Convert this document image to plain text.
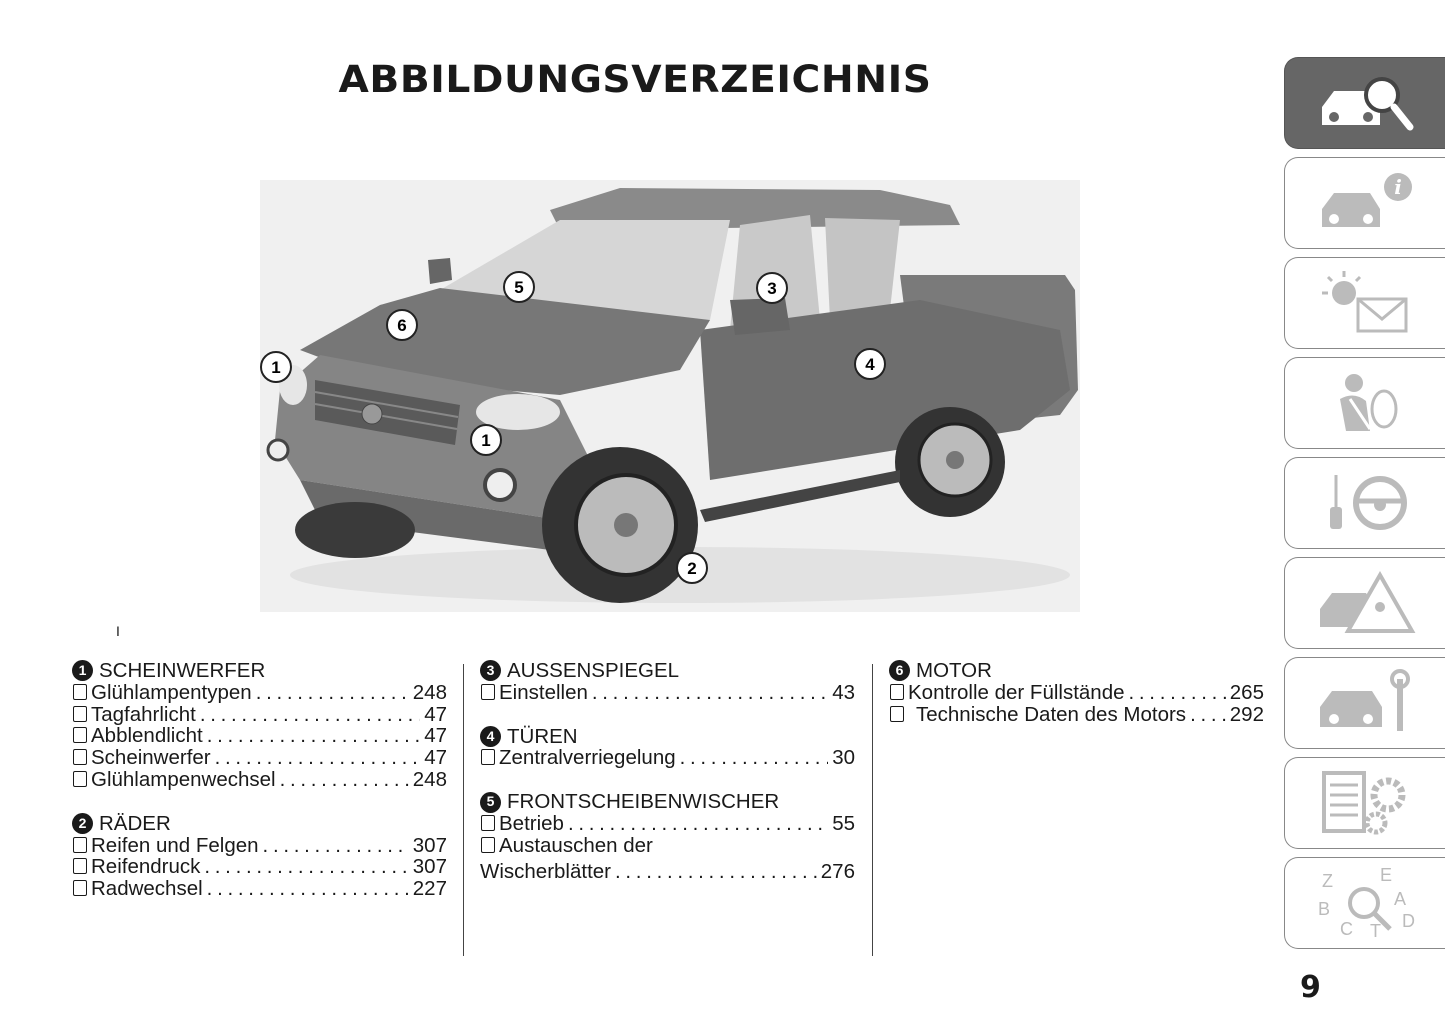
ABBILDUNGSVERZEICHNIS
1
5	3
6
4
1
2
I
1 SCHEINWERFER
Glühlampentypen . . .	248
Tagfahrlicht . . .	47
Abblendlicht . . .	47
Scheinwerfer . . .	47
Glühlampenwechsel . . .	248
2 RÄDER
Reifen und Felgen . . .	307
Reifendruck . . .	307
Radwechsel . . .	227
3 AUSSENSPIEGEL
Einstellen . . .	43
4 TÜREN
Zentralverriegelung . . .	30
5 FRONTSCHEIBENWISCHER
Betrieb . . .	55
Austauschen der
Wischerblätter . . .	276
6 MOTOR
Kontrolle der Füllstände . . .	265
Technische Daten des Motors . . . 292
i
Z	E
B	A
D
C T
9
